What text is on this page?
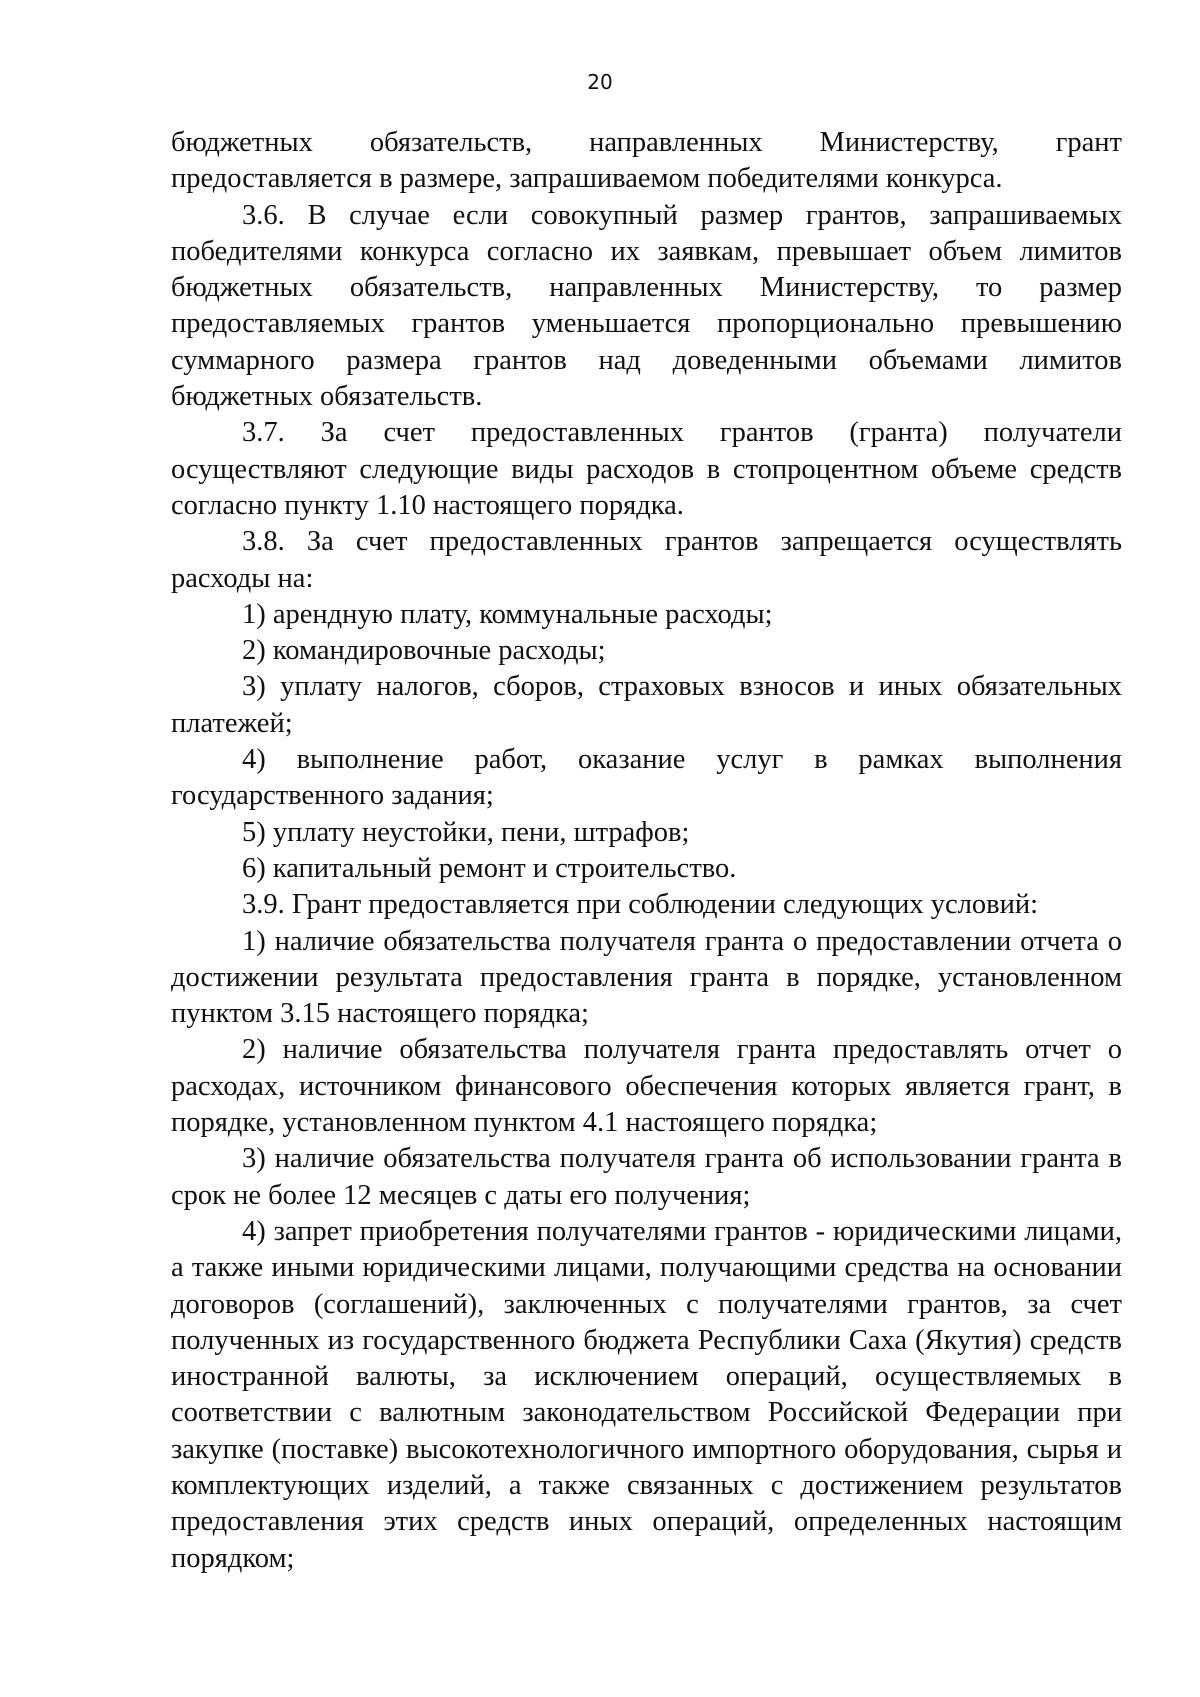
20

бюджетных обязательств, направленных Министерству, грант предоставляется в размере, запрашиваемом победителями конкурса.

3.6. В случае если совокупный размер грантов, запрашиваемых победителями конкурса согласно их заявкам, превышает объем лимитов бюджетных обязательств, направленных Министерству, то размер предоставляемых грантов уменьшается пропорционально превышению суммарного размера грантов над доведенными объемами лимитов бюджетных обязательств.

3.7. За счет предоставленных грантов (гранта) получатели осуществляют следующие виды расходов в стопроцентном объеме средств согласно пункту 1.10 настоящего порядка.

3.8. За счет предоставленных грантов запрещается осуществлять расходы на:

1) арендную плату, коммунальные расходы;

2) командировочные расходы;

3) уплату налогов, сборов, страховых взносов и иных обязательных платежей;

4) выполнение работ, оказание услуг в рамках выполнения государственного задания;

5) уплату неустойки, пени, штрафов;

6) капитальный ремонт и строительство.

3.9. Грант предоставляется при соблюдении следующих условий:

1) наличие обязательства получателя гранта о предоставлении отчета о достижении результата предоставления гранта в порядке, установленном пунктом 3.15 настоящего порядка;

2) наличие обязательства получателя гранта предоставлять отчет о расходах, источником финансового обеспечения которых является грант, в порядке, установленном пунктом 4.1 настоящего порядка;

3) наличие обязательства получателя гранта об использовании гранта в срок не более 12 месяцев с даты его получения;

4) запрет приобретения получателями грантов - юридическими лицами, а также иными юридическими лицами, получающими средства на основании договоров (соглашений), заключенных с получателями грантов, за счет полученных из государственного бюджета Республики Саха (Якутия) средств иностранной валюты, за исключением операций, осуществляемых в соответствии с валютным законодательством Российской Федерации при закупке (поставке) высокотехнологичного импортного оборудования, сырья и комплектующих изделий, а также связанных с достижением результатов предоставления этих средств иных операций, определенных настоящим порядком;
